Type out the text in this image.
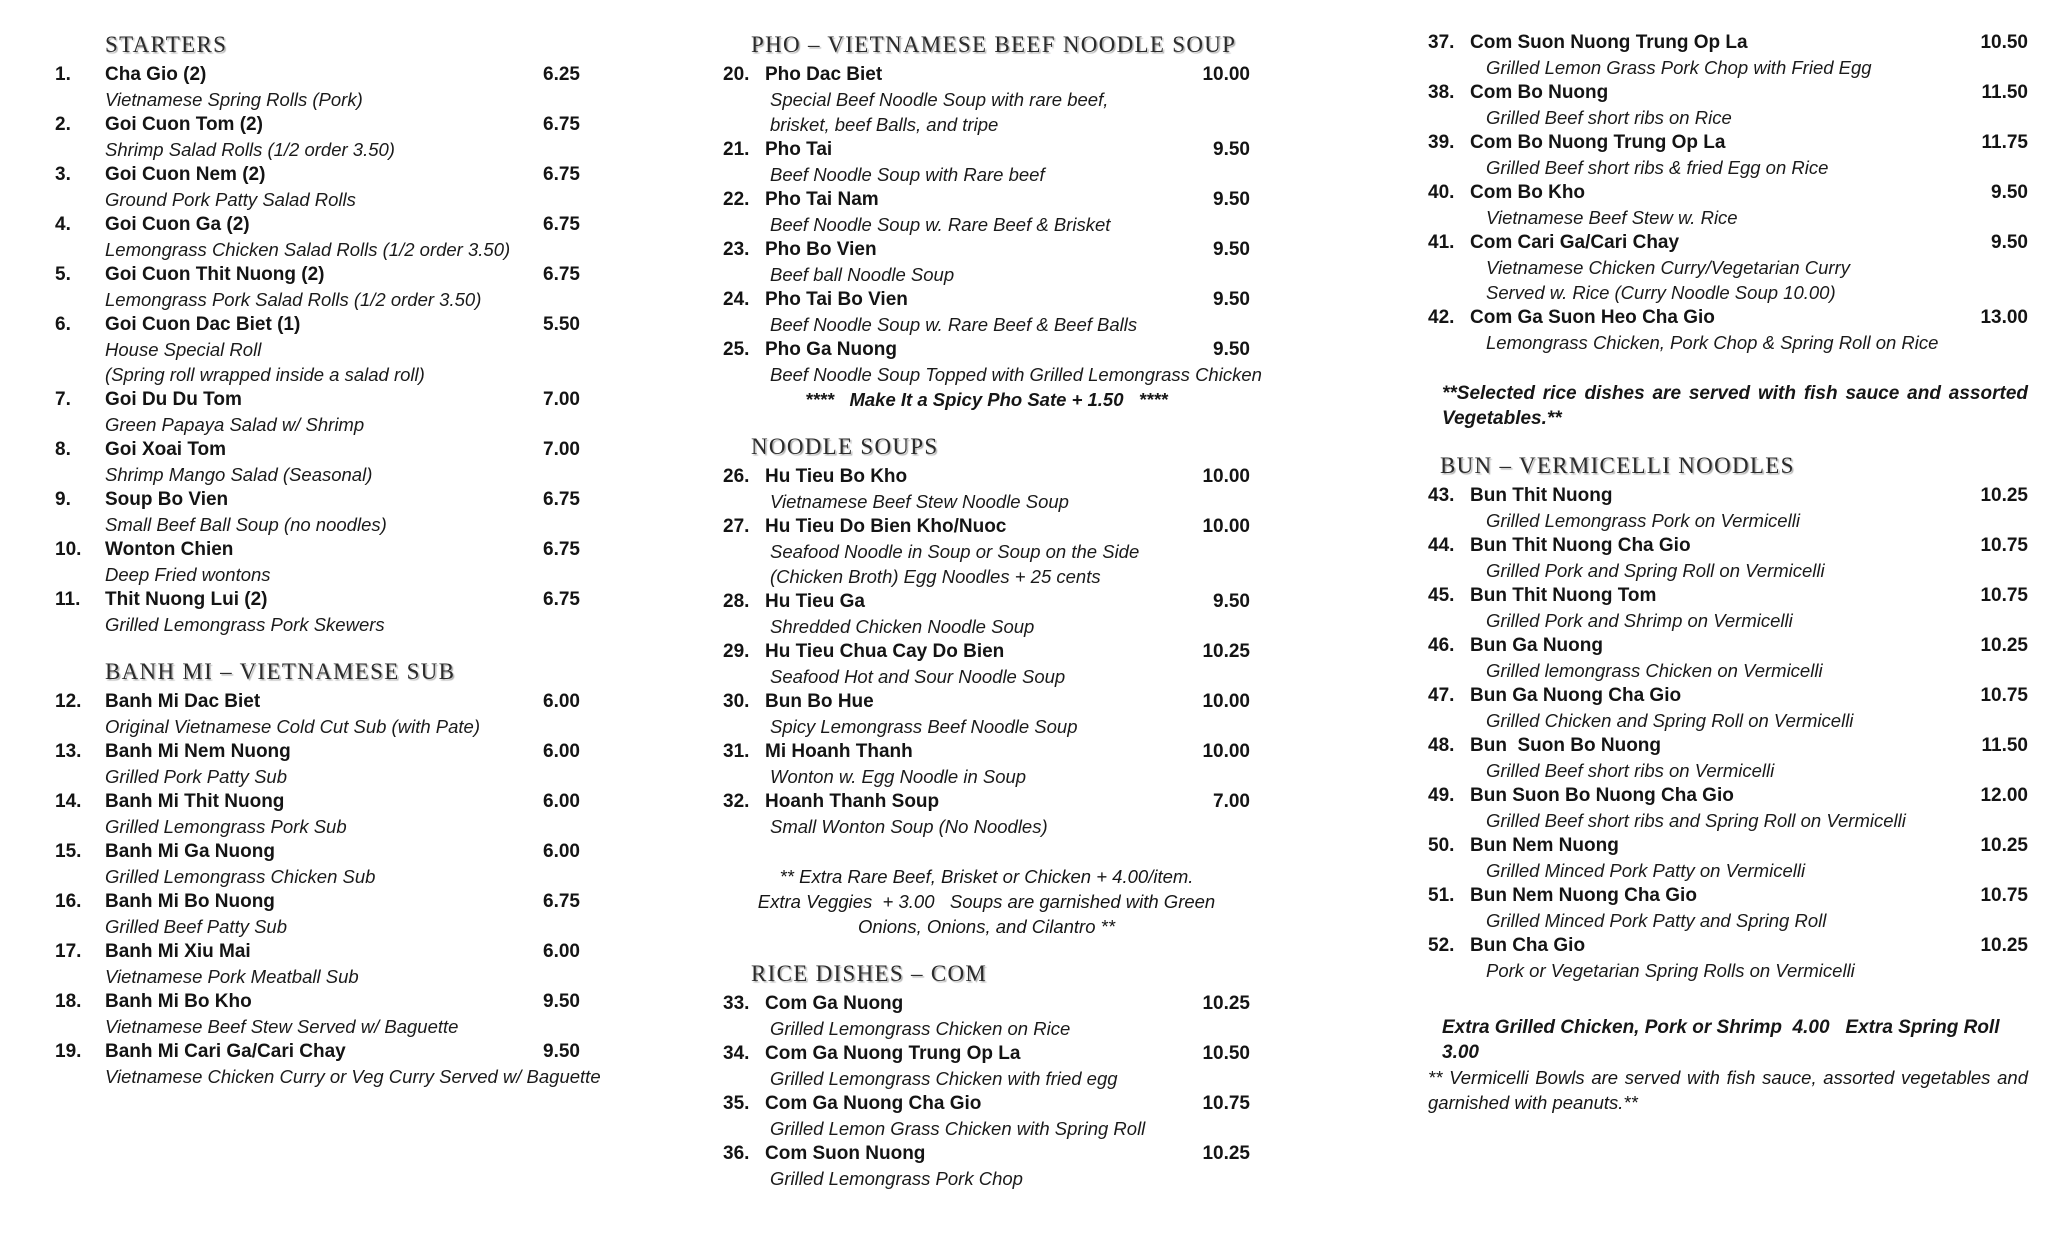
STARTERS
1.	Cha Gio (2)	6.25
Vietnamese Spring Rolls (Pork)
2.	Goi Cuon Tom (2)	6.75
Shrimp Salad Rolls (1/2 order 3.50)
3.	Goi Cuon Nem (2)	6.75
Ground Pork Patty Salad Rolls
4.	Goi Cuon Ga (2)	6.75
Lemongrass Chicken Salad Rolls (1/2 order 3.50)
5.	Goi Cuon Thit Nuong (2)	6.75
Lemongrass Pork Salad Rolls (1/2 order 3.50)
6.	Goi Cuon Dac Biet (1)	5.50
House Special Roll
(Spring roll wrapped inside a salad roll)
7.	Goi Du Du Tom	7.00
Green Papaya Salad w/ Shrimp
8.	Goi Xoai Tom	7.00
Shrimp Mango Salad (Seasonal)
9.	Soup Bo Vien	6.75
Small Beef Ball Soup (no noodles)
10.	Wonton Chien	6.75
Deep Fried wontons
11.	Thit Nuong Lui (2)	6.75
Grilled Lemongrass Pork Skewers
BANH MI – VIETNAMESE SUB
12.	Banh Mi Dac Biet	6.00
Original Vietnamese Cold Cut Sub (with Pate)
13.	Banh Mi Nem Nuong	6.00
Grilled Pork Patty Sub
14.	Banh Mi Thit Nuong	6.00
Grilled Lemongrass Pork Sub
15.	Banh Mi Ga Nuong	6.00
Grilled Lemongrass Chicken Sub
16.	Banh Mi Bo Nuong	6.75
Grilled Beef Patty Sub
17.	Banh Mi Xiu Mai	6.00
Vietnamese Pork Meatball Sub
18.	Banh Mi Bo Kho	9.50
Vietnamese Beef Stew Served w/ Baguette
19.	Banh Mi Cari Ga/Cari Chay	9.50
Vietnamese Chicken Curry or Veg Curry Served w/ Baguette
PHO – VIETNAMESE BEEF NOODLE SOUP
20. Pho Dac Biet	10.00
Special Beef Noodle Soup with rare beef,
brisket, beef Balls, and tripe
21. Pho Tai	9.50
Beef Noodle Soup with Rare beef
22. Pho Tai Nam	9.50
Beef Noodle Soup w. Rare Beef & Brisket
23. Pho Bo Vien	9.50
Beef ball Noodle Soup
24. Pho Tai Bo Vien	9.50
Beef Noodle Soup w. Rare Beef & Beef Balls
25. Pho Ga Nuong	9.50
Beef Noodle Soup Topped with Grilled Lemongrass Chicken
****   Make It a Spicy Pho Sate + 1.50   ****
NOODLE SOUPS
26. Hu Tieu Bo Kho	10.00
Vietnamese Beef Stew Noodle Soup
27. Hu Tieu Do Bien Kho/Nuoc	10.00
Seafood Noodle in Soup or Soup on the Side
(Chicken Broth) Egg Noodles + 25 cents
28. Hu Tieu Ga	9.50
Shredded Chicken Noodle Soup
29. Hu Tieu Chua Cay Do Bien	10.25
Seafood Hot and Sour Noodle Soup
30. Bun Bo Hue	10.00
Spicy Lemongrass Beef Noodle Soup
31. Mi Hoanh Thanh	10.00
Wonton w. Egg Noodle in Soup
32. Hoanh Thanh Soup	7.00
Small Wonton Soup (No Noodles)
** Extra Rare Beef, Brisket or Chicken + 4.00/item.
Extra Veggies  + 3.00   Soups are garnished with Green
Onions, Onions, and Cilantro **
RICE DISHES – COM
33. Com Ga Nuong	10.25
Grilled Lemongrass Chicken on Rice
34. Com Ga Nuong Trung Op La	10.50
Grilled Lemongrass Chicken with fried egg
35. Com Ga Nuong Cha Gio	10.75
Grilled Lemon Grass Chicken with Spring Roll
36. Com Suon Nuong	10.25
Grilled Lemongrass Pork Chop
37. Com Suon Nuong Trung Op La	10.50
Grilled Lemon Grass Pork Chop with Fried Egg
38. Com Bo Nuong	11.50
Grilled Beef short ribs on Rice
39. Com Bo Nuong Trung Op La	11.75
Grilled Beef short ribs & fried Egg on Rice
40. Com Bo Kho	9.50
Vietnamese Beef Stew w. Rice
41. Com Cari Ga/Cari Chay	9.50
Vietnamese Chicken Curry/Vegetarian Curry
Served w. Rice (Curry Noodle Soup 10.00)
42. Com Ga Suon Heo Cha Gio	13.00
Lemongrass Chicken, Pork Chop & Spring Roll on Rice
**Selected rice dishes are served with fish sauce and assorted Vegetables.**
BUN – VERMICELLI NOODLES
43. Bun Thit Nuong	10.25
Grilled Lemongrass Pork on Vermicelli
44. Bun Thit Nuong Cha Gio	10.75
Grilled Pork and Spring Roll on Vermicelli
45. Bun Thit Nuong Tom	10.75
Grilled Pork and Shrimp on Vermicelli
46. Bun Ga Nuong	10.25
Grilled lemongrass Chicken on Vermicelli
47. Bun Ga Nuong Cha Gio	10.75
Grilled Chicken and Spring Roll on Vermicelli
48. Bun  Suon Bo Nuong	11.50
Grilled Beef short ribs on Vermicelli
49. Bun Suon Bo Nuong Cha Gio	12.00
Grilled Beef short ribs and Spring Roll on Vermicelli
50. Bun Nem Nuong	10.25
Grilled Minced Pork Patty on Vermicelli
51. Bun Nem Nuong Cha Gio	10.75
Grilled Minced Pork Patty and Spring Roll
52. Bun Cha Gio	10.25
Pork or Vegetarian Spring Rolls on Vermicelli
Extra Grilled Chicken, Pork or Shrimp  4.00   Extra Spring Roll  3.00
** Vermicelli Bowls are served with fish sauce, assorted vegetables and garnished with peanuts.**
